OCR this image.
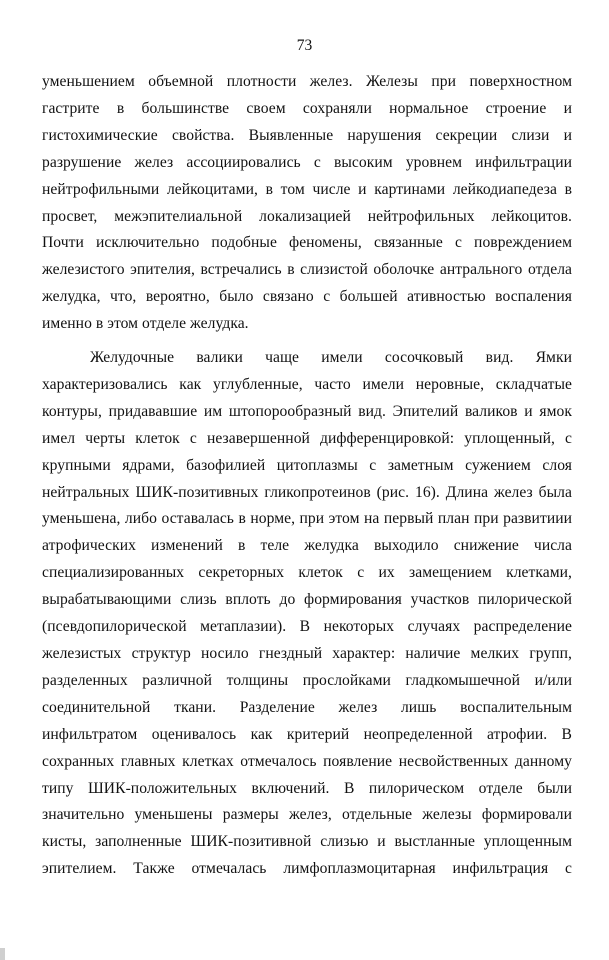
73
уменьшением объемной плотности желез. Железы при поверхностном
гастрите в большинстве своем сохраняли нормальное строение и
гистохимические свойства. Выявленные нарушения секреции слизи и
разрушение желез ассоциировались с высоким уровнем инфильтрации
нейтрофильными лейкоцитами, в том числе и картинами лейкодиапедеза в
просвет, межэпителиальной локализацией нейтрофильных лейкоцитов.
Почти исключительно подобные феномены, связанные с повреждением
железистого эпителия, встречались в слизистой оболочке антрального отдела
желудка, что, вероятно, было связано с большей ативностью воспаления
именно в этом отделе желудка.
Желудочные валики чаще имели сосочковый вид. Ямки
характеризовались как углубленные, часто имели неровные, складчатые
контуры, придававшие им штопорообразный вид. Эпителий валиков и ямок
имел черты клеток с незавершенной дифференцировкой: уплощенный, с
крупными ядрами, базофилией цитоплазмы с заметным сужением слоя
нейтральных ШИК-позитивных гликопротеинов (рис. 16). Длина желез была
уменьшена, либо оставалась в норме, при этом на первый план при развитиии
атрофических изменений в теле желудка выходило снижение числа
специализированных секреторных клеток с их замещением клетками,
вырабатывающими слизь вплоть до формирования участков пилорической
(псевдопилорической метаплазии). В некоторых случаях распределение
железистых структур носило гнездный характер: наличие мелких групп,
разделенных различной толщины прослойками гладкомышечной и/или
соединительной ткани. Разделение желез лишь воспалительным
инфильтратом оценивалось как критерий неопределенной атрофии. В
сохранных главных клетках отмечалось появление несвойственных данному
типу ШИК-положительных включений. В пилорическом отделе были
значительно уменьшены размеры желез, отдельные железы формировали
кисты, заполненные ШИК-позитивной слизью и выстланные уплощенным
эпителием. Также отмечалась лимфоплазмоцитарная инфильтрация с
